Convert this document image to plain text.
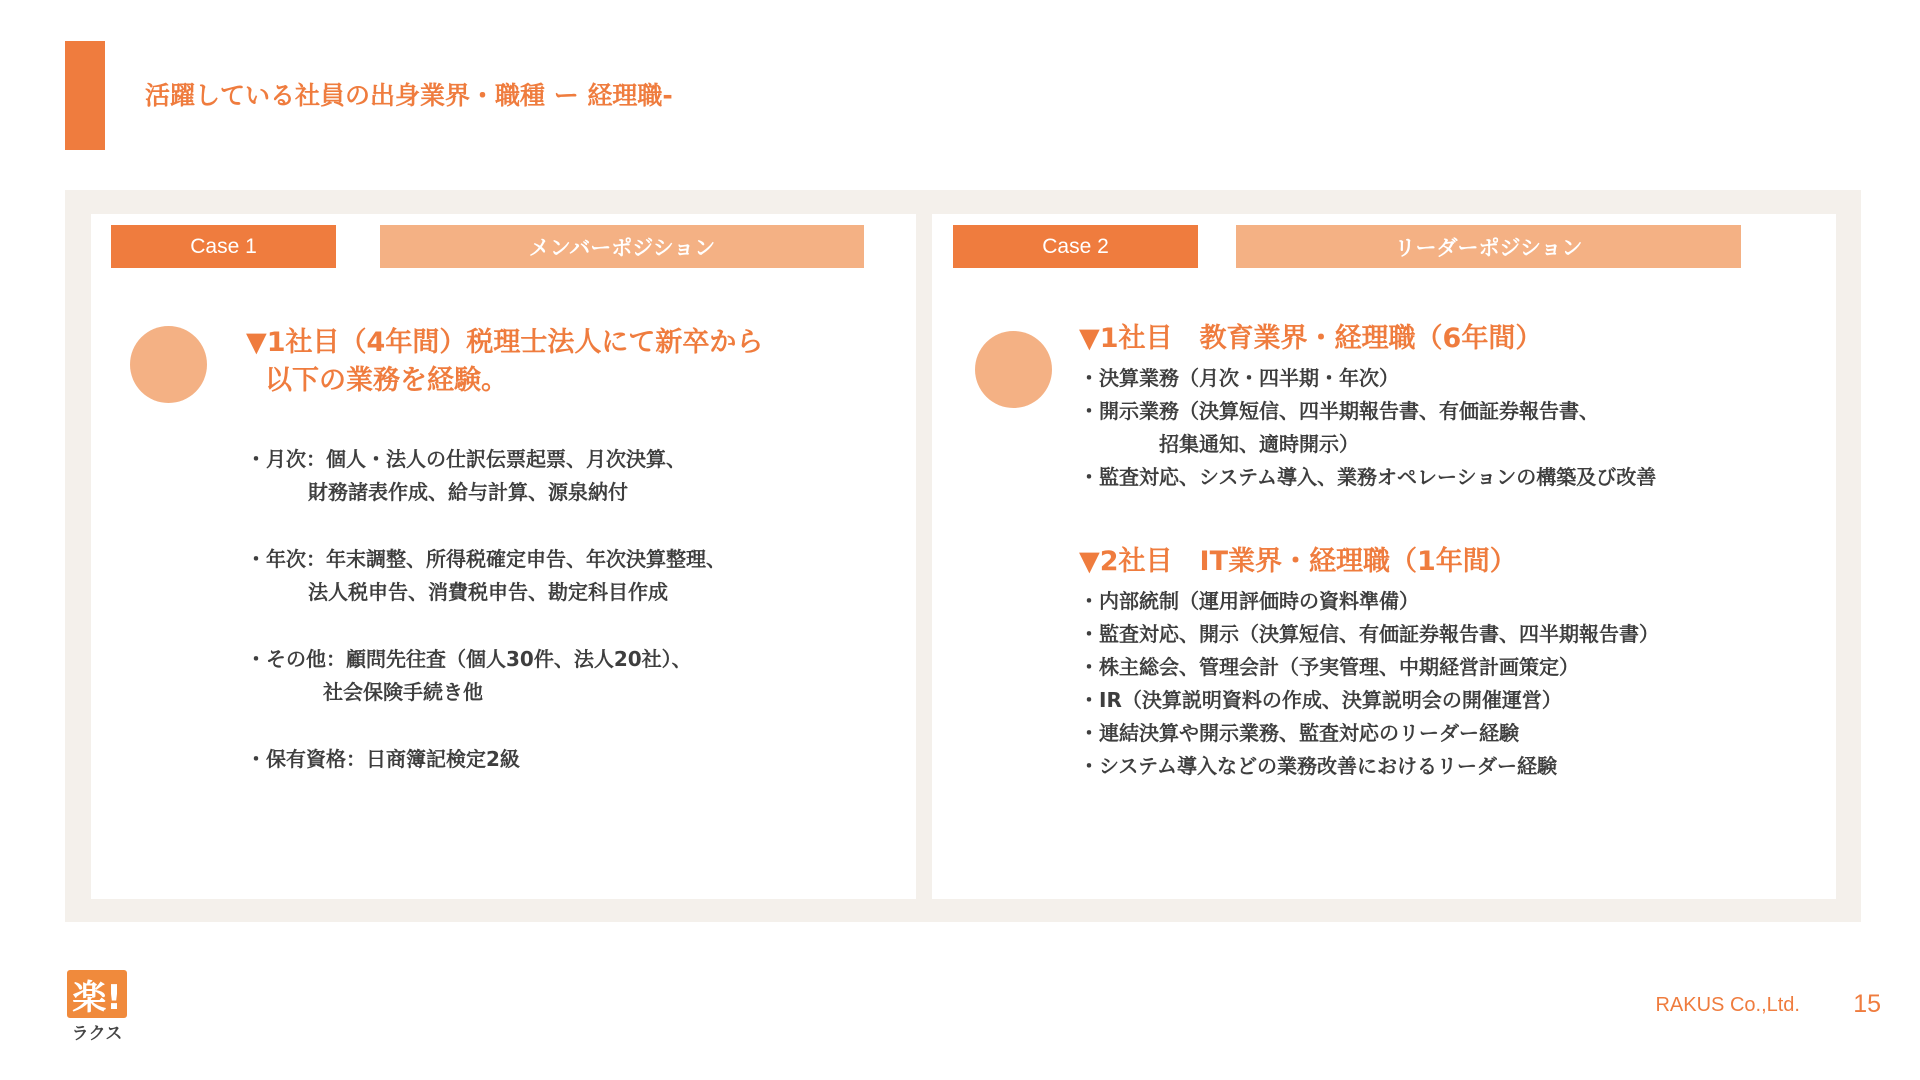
活躍している社員の出身業界・職種 ー 経理職-
Case 1	メンバーポジション
▼1社目（4年間）税理士法人にて新卒から
以下の業務を経験。
・月次：個人・法人の仕訳伝票起票、月次決算、
財務諸表作成、給与計算、源泉納付
・年次：年末調整、所得税確定申告、年次決算整理、
法人税申告、消費税申告、勘定科目作成
・その他：顧問先往査（個人30件、法人20社）、
社会保険手続き他
・保有資格：日商簿記検定2級
Case 2	リーダーポジション
▼1社目　教育業界・経理職（6年間）
・決算業務（月次・四半期・年次）
・開示業務（決算短信、四半期報告書、有価証券報告書、
　　　　招集通知、適時開示）
・監査対応、システム導入、業務オペレーションの構築及び改善
▼2社目　IT業界・経理職（1年間）
・内部統制（運用評価時の資料準備）
・監査対応、開示（決算短信、有価証券報告書、四半期報告書）
・株主総会、管理会計（予実管理、中期経営計画策定）
・IR（決算説明資料の作成、決算説明会の開催運営）
・連結決算や開示業務、監査対応のリーダー経験
・システム導入などの業務改善におけるリーダー経験
楽!
ラクス
RAKUS Co.,Ltd. 15
